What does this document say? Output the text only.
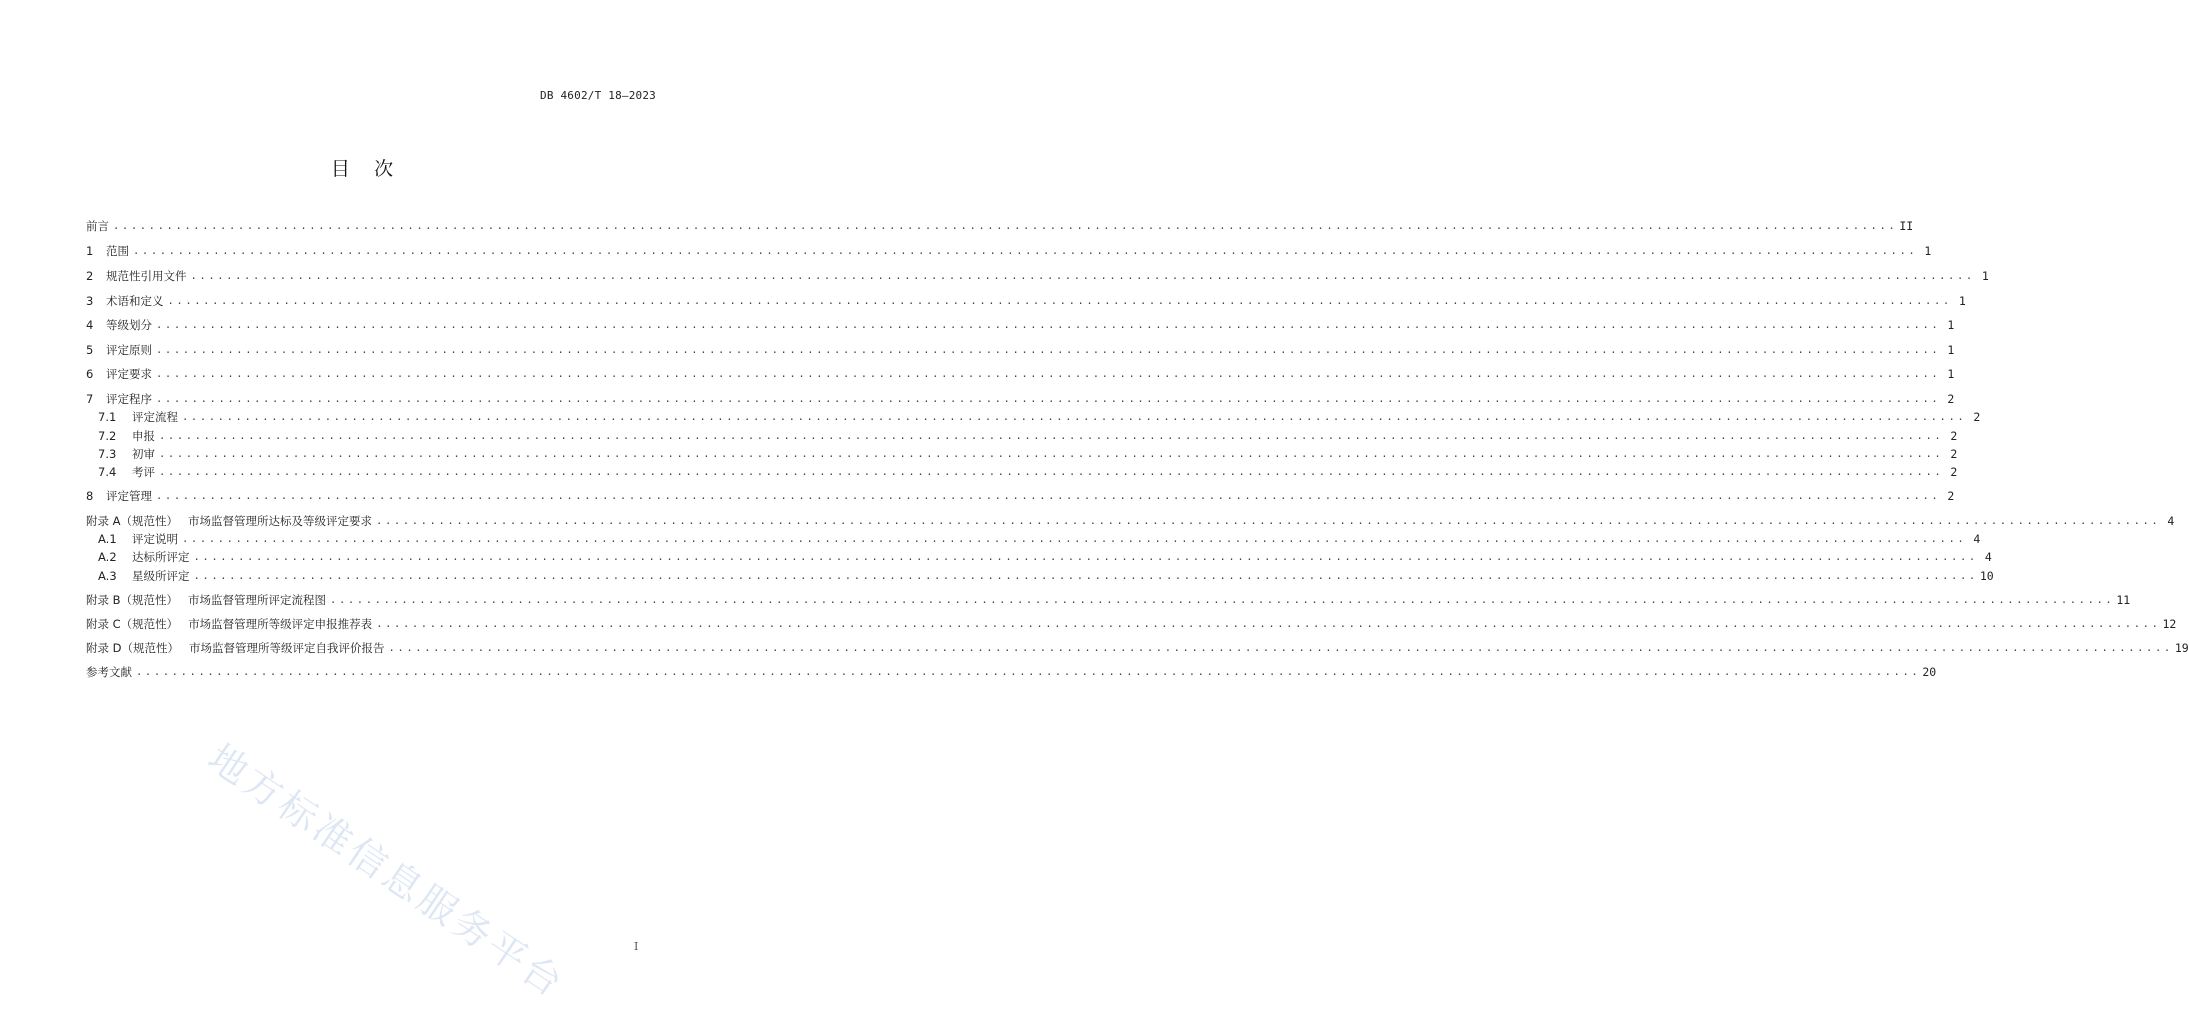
DB 4602/T 18—2023
目    次
前言 ........................................................................................................................................................................................................ II
1	范围 ........................................................................................................................................................................................................ 1
2	规范性引用文件 ........................................................................................................................................................................................................ 1
3	术语和定义 ........................................................................................................................................................................................................ 1
4	等级划分 ........................................................................................................................................................................................................ 1
5	评定原则 ........................................................................................................................................................................................................ 1
6	评定要求 ........................................................................................................................................................................................................ 1
7	评定程序 ........................................................................................................................................................................................................ 2
7.1	评定流程 ........................................................................................................................................................................................................ 2
7.2	申报 ........................................................................................................................................................................................................ 2
7.3	初审 ........................................................................................................................................................................................................ 2
7.4	考评 ........................................................................................................................................................................................................ 2
8	评定管理 ........................................................................................................................................................................................................ 2
附录 A（规范性） 市场监督管理所达标及等级评定要求 ........................................................................................................................................................................................................ 4
A.1	评定说明 ........................................................................................................................................................................................................ 4
A.2	达标所评定 ........................................................................................................................................................................................................ 4
A.3	星级所评定 ........................................................................................................................................................................................................ 10
附录 B（规范性） 市场监督管理所评定流程图 ........................................................................................................................................................................................................ 11
附录 C（规范性） 市场监督管理所等级评定申报推荐表 ........................................................................................................................................................................................................ 12
附录 D（规范性） 市场监督管理所等级评定自我评价报告 ........................................................................................................................................................................................................ 19
参考文献 ........................................................................................................................................................................................................ 20
地方标准信息服务平台	I
